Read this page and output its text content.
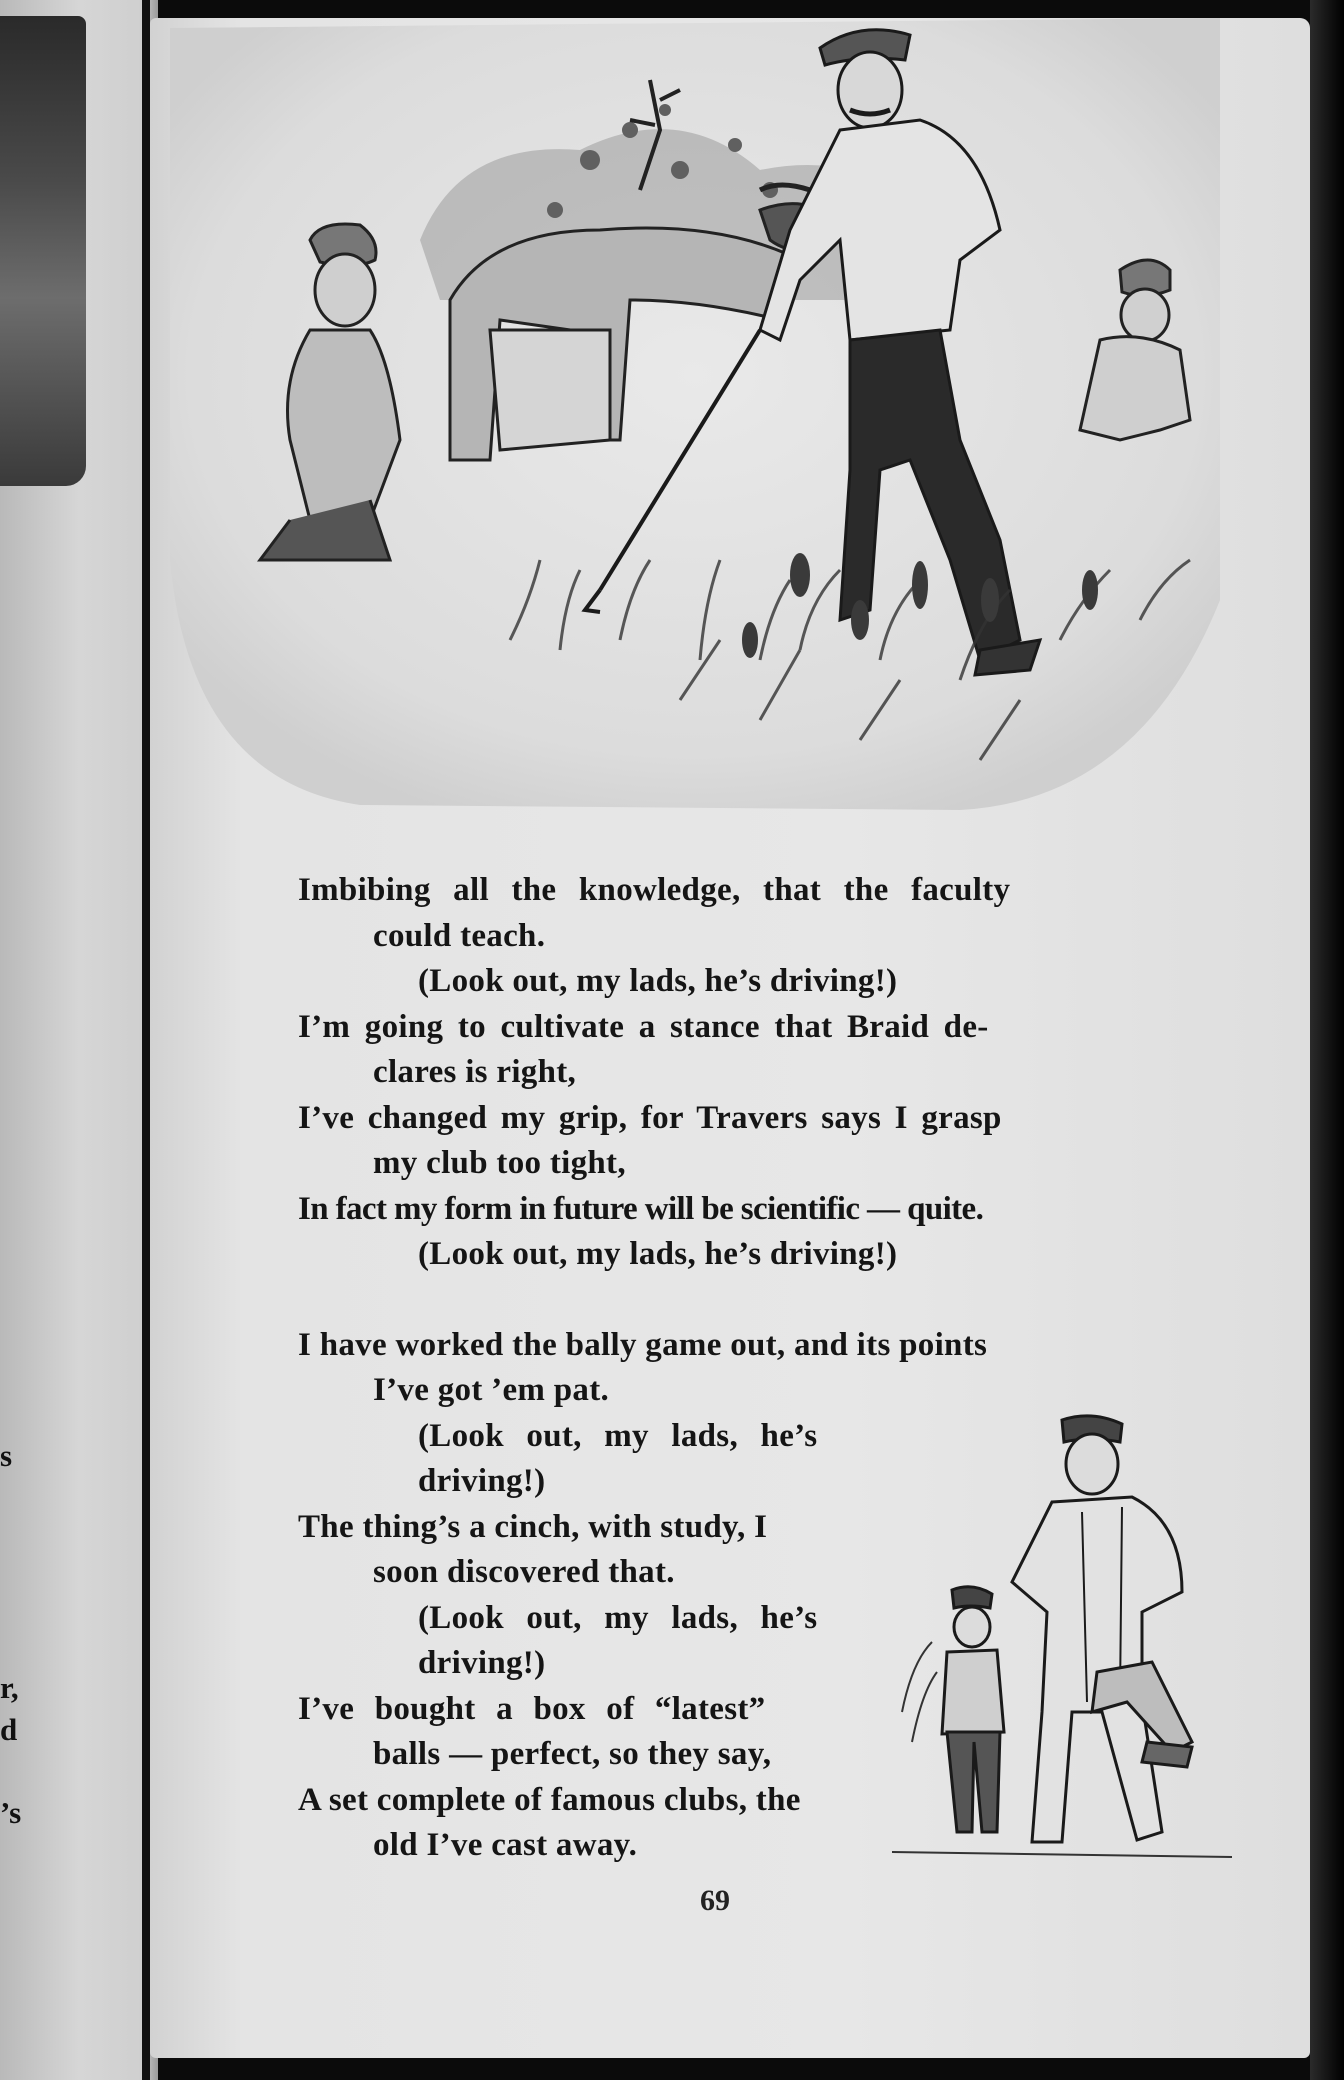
s
r,
d
’s
Imbibing all the knowledge, that the faculty
could teach.
(Look out, my lads, he’s driving!)
I’m going to cultivate a stance that Braid de-
clares is right,
I’ve changed my grip, for Travers says I grasp
my club too tight,
In fact my form in future will be scientific — quite.
(Look out, my lads, he’s driving!)
I have worked the bally game out, and its points
I’ve got ’em pat.
(Look out, my lads, he’s
driving!)
The thing’s a cinch, with study, I
soon discovered that.
(Look out, my lads, he’s
driving!)
I’ve bought a box of “latest”
balls — perfect, so they say,
A set complete of famous clubs, the
old I’ve cast away.
69
